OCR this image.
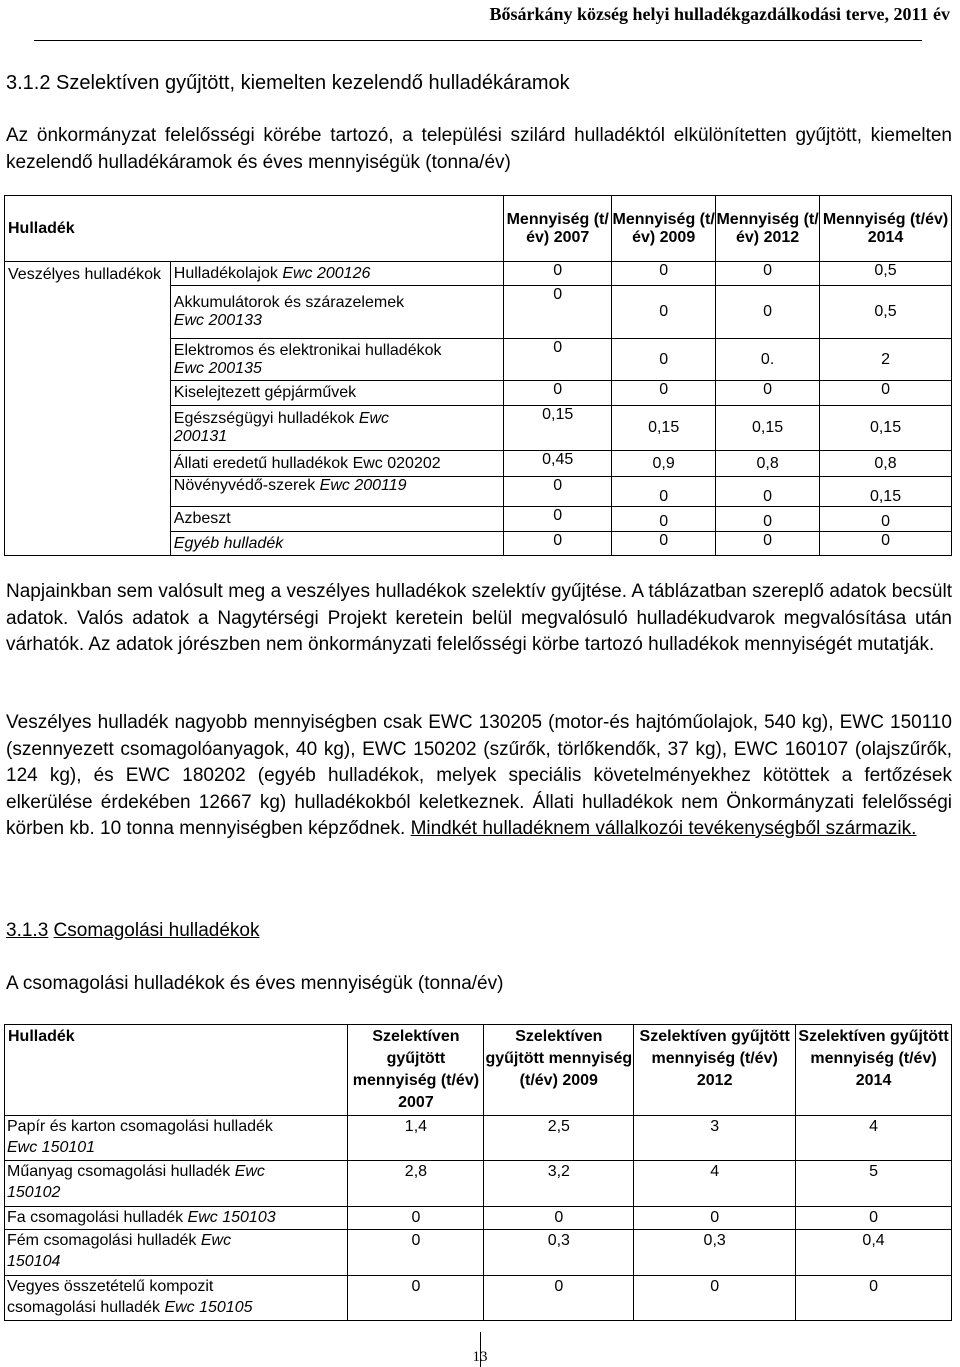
Bősárkány község helyi hulladékgazdálkodási terve, 2011 év
3.1.2 Szelektíven gyűjtött, kiemelten kezelendő hulladékáramok
Az önkormányzat felelősségi körébe tartozó, a települési szilárd hulladéktól elkülönítetten gyűjtött, kiemelten kezelendő hulladékáramok és éves mennyiségük (tonna/év)
Hulladék		Mennyiség (t/év) 2007	Mennyiség (t/év) 2009	Mennyiség (t/év) 2012	Mennyiség (t/év) 2014
Veszélyes hulladékok	Hulladékolajok Ewc 200126	0	0	0	0,5
	Akkumulátorok és szárazelemek
Ewc 200133	0	0	0	0,5
	Elektromos és elektronikai hulladékok
Ewc 200135	0	0	0.	2
	Kiselejtezett gépjárművek	0	0	0	0
	Egészségügyi hulladékok Ewc
200131	0,15	0,15	0,15	0,15
	Állati eredetű hulladékok Ewc 020202	0,45	0,9	0,8	0,8
	Növényvédő-szerek Ewc 200119	0	0	0	0,15
	Azbeszt	0	0	0	0
	Egyéb hulladék	0	0	0	0
Napjainkban sem valósult meg a veszélyes hulladékok szelektív gyűjtése. A táblázatban szereplő adatok becsült adatok. Valós adatok a Nagytérségi Projekt keretein belül megvalósuló hulladékudvarok megvalósítása után várhatók. Az adatok jórészben nem önkormányzati felelősségi körbe tartozó hulladékok mennyiségét mutatják.
Veszélyes hulladék nagyobb mennyiségben csak EWC 130205 (motor-és hajtóműolajok, 540 kg), EWC 150110 (szennyezett csomagolóanyagok, 40 kg), EWC 150202 (szűrők, törlőkendők, 37 kg), EWC 160107 (olajszűrők, 124 kg), és EWC 180202 (egyéb hulladékok, melyek speciális követelményekhez kötöttek a fertőzések elkerülése érdekében 12667 kg) hulladékokból keletkeznek. Állati hulladékok nem Önkormányzati felelősségi körben kb. 10 tonna mennyiségben képződnek. Mindkét hulladéknem vállalkozói tevékenységből származik.
3.1.3 Csomagolási hulladékok
A csomagolási hulladékok és éves mennyiségük (tonna/év)
Hulladék	Szelektíven gyűjtött mennyiség (t/év) 2007	Szelektíven gyűjtött mennyiség (t/év) 2009	Szelektíven gyűjtött mennyiség (t/év) 2012	Szelektíven gyűjtött mennyiség (t/év) 2014
Papír és karton csomagolási hulladék
Ewc 150101	1,4	2,5	3	4
Műanyag csomagolási hulladék Ewc
150102	2,8	3,2	4	5
Fa csomagolási hulladék Ewc 150103	0	0	0	0
Fém csomagolási hulladék Ewc
150104	0	0,3	0,3	0,4
Vegyes összetételű kompozit
csomagolási hulladék Ewc 150105	0	0	0	0
13
